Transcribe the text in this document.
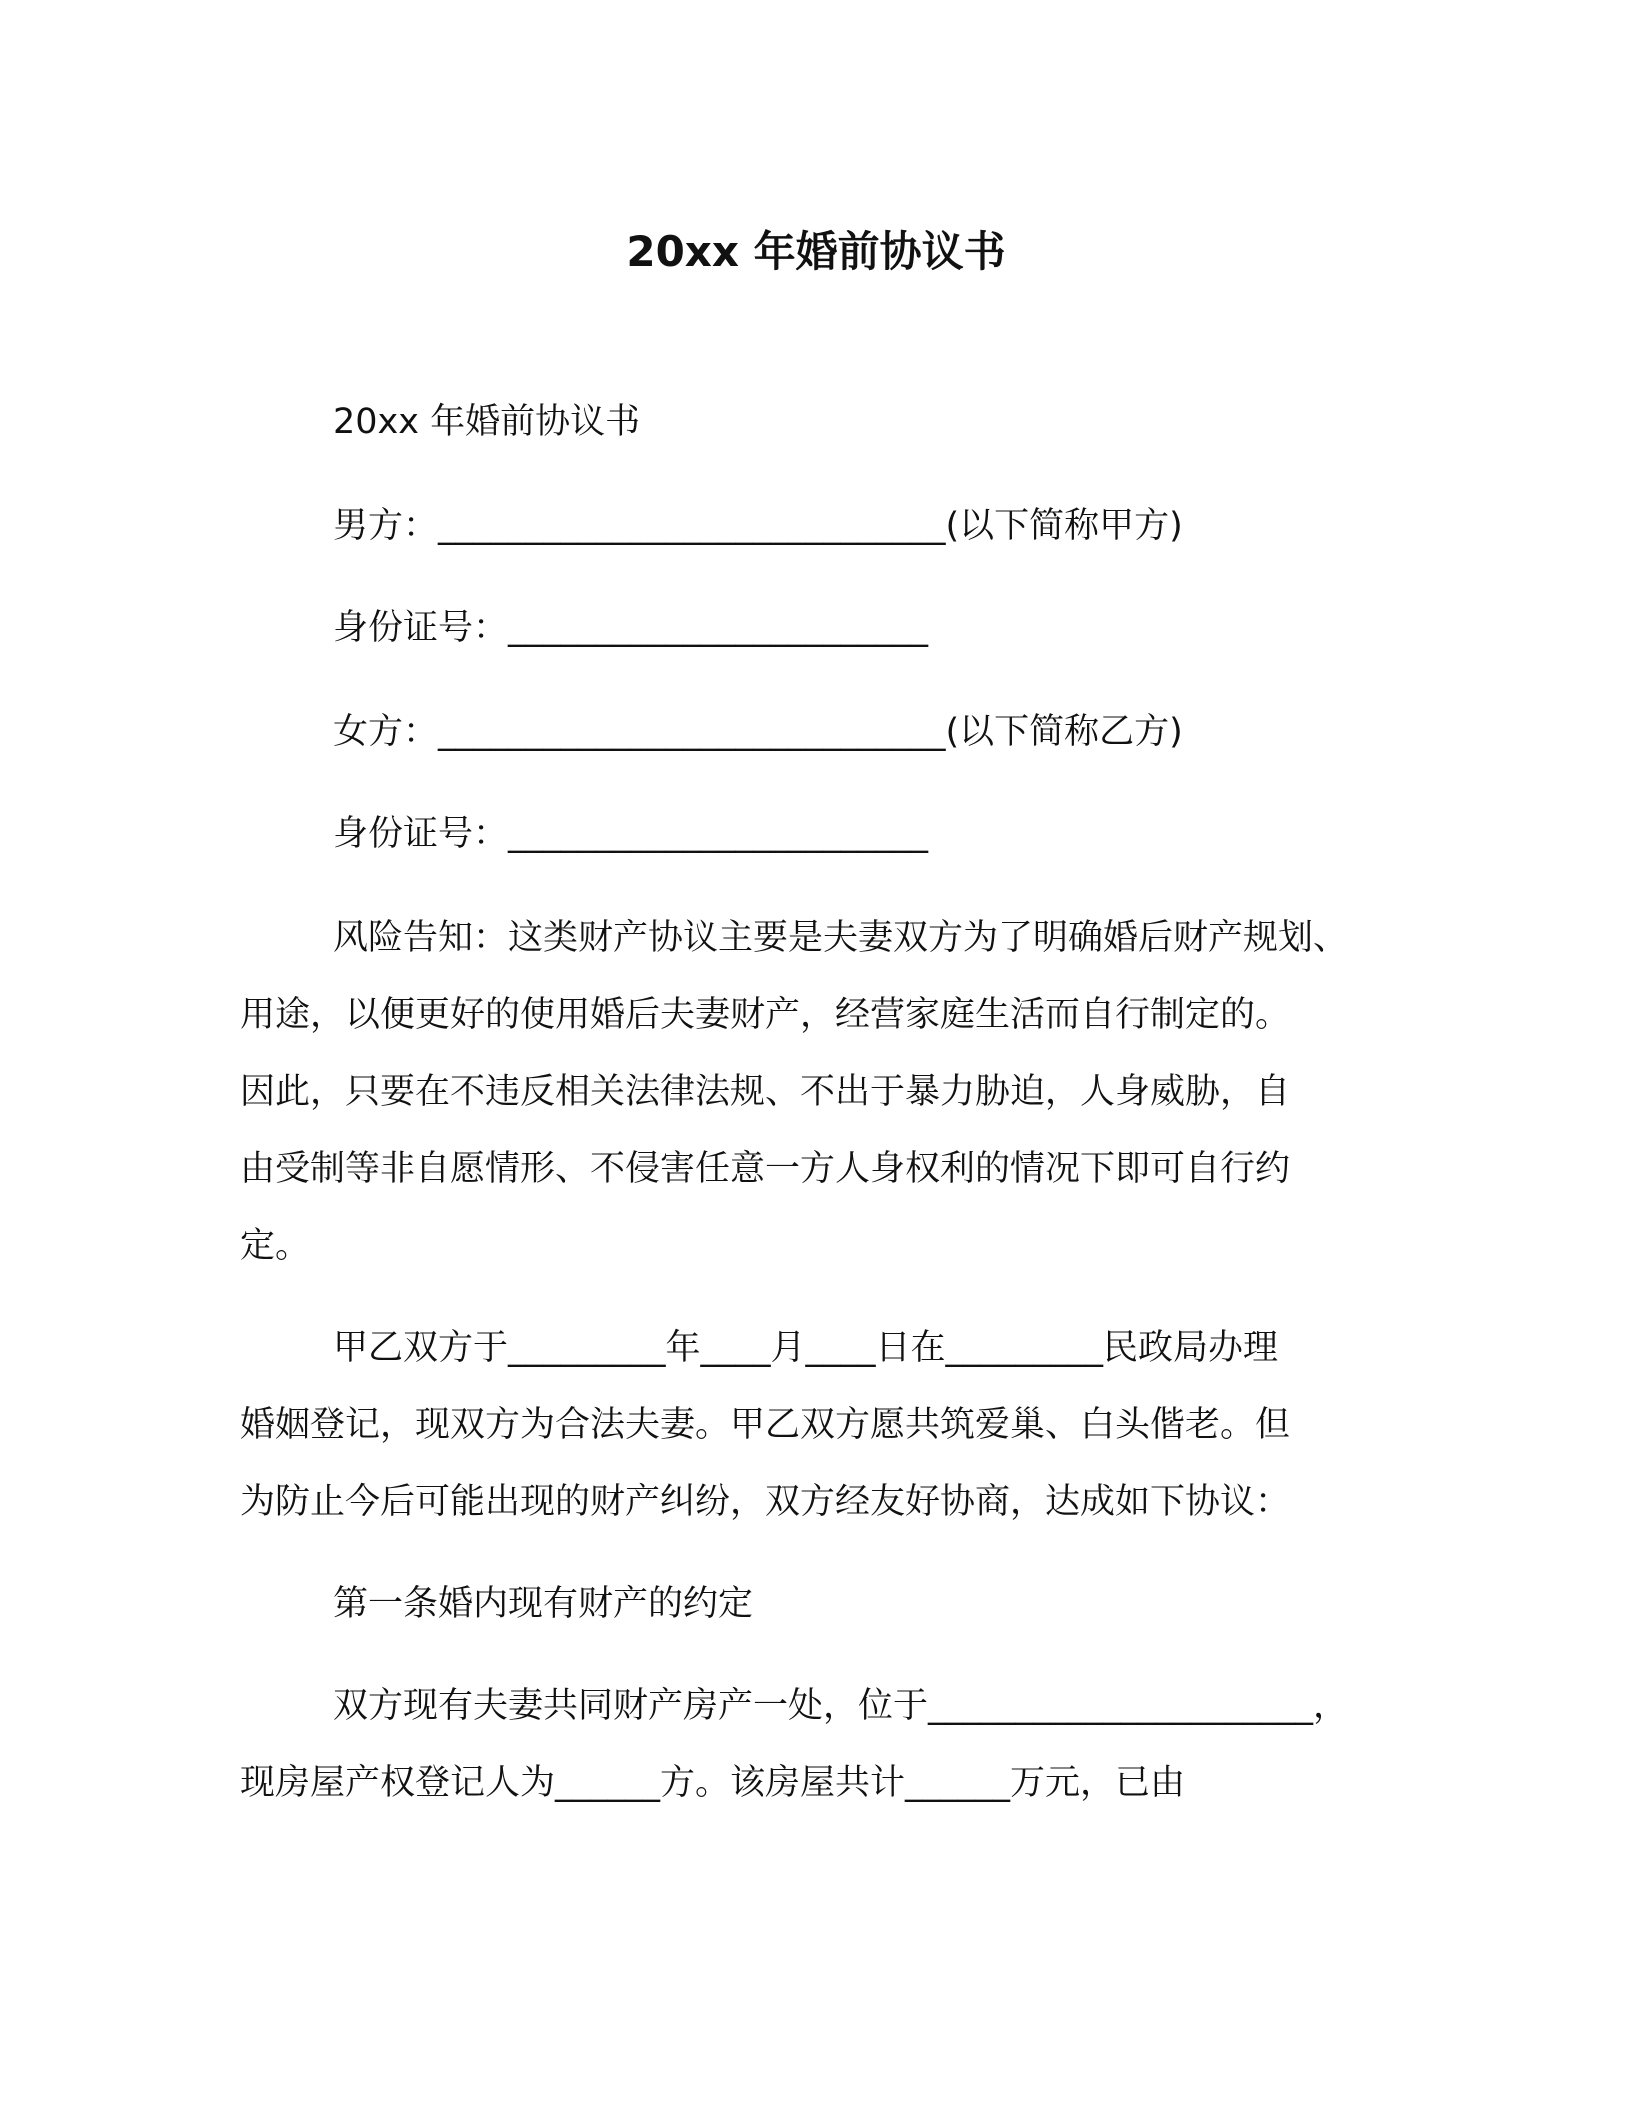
20xx 年婚前协议书
20xx 年婚前协议书
男方：_____________________________(以下简称甲方)
身份证号：________________________
女方：_____________________________(以下简称乙方)
身份证号：________________________
风险告知：这类财产协议主要是夫妻双方为了明确婚后财产规划、
用途，以便更好的使用婚后夫妻财产，经营家庭生活而自行制定的。
因此，只要在不违反相关法律法规、不出于暴力胁迫，人身威胁，自
由受制等非自愿情形、不侵害任意一方人身权利的情况下即可自行约
定。
甲乙双方于_________年____月____日在_________民政局办理
婚姻登记，现双方为合法夫妻。甲乙双方愿共筑爱巢、白头偕老。但
为防止今后可能出现的财产纠纷，双方经友好协商，达成如下协议：
第一条婚内现有财产的约定
双方现有夫妻共同财产房产一处，位于______________________，
现房屋产权登记人为______方。该房屋共计______万元，已由
